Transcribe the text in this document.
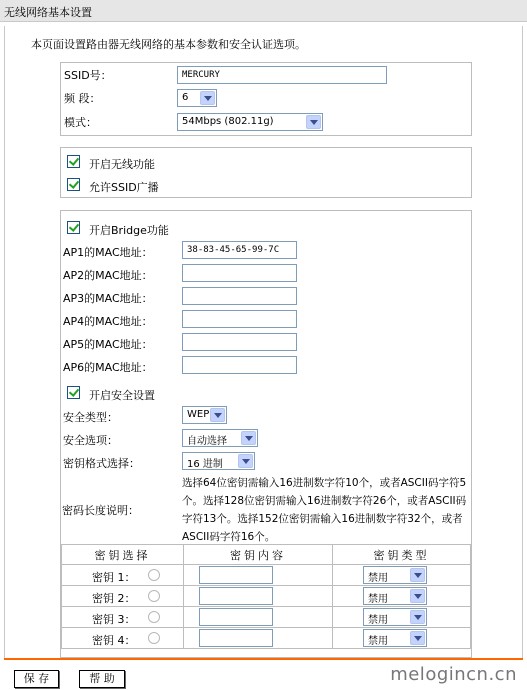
无线网络基本设置
本页面设置路由器无线网络的基本参数和安全认证选项。
SSID号：	MERCURY
频 段：	6
模式：	54Mbps (802.11g)
开启无线功能
允许SSID广播
开启Bridge功能
AP1的MAC地址：	38-83-45-65-99-7C
AP2的MAC地址：
AP3的MAC地址：
AP4的MAC地址：
AP5的MAC地址：
AP6的MAC地址：
开启安全设置
安全类型：	WEP
安全选项：	自动选择
密钥格式选择：	16 进制
密码长度说明：
选择64位密钥需输入16进制数字符10个，或者ASCII码字符5个。选择128位密钥需输入16进制数字符26个，或者ASCII码字符13个。选择152位密钥需输入16进制数字符32个，或者ASCII码字符16个。
密钥选择	密钥内容	密钥类型

密钥 1：		禁用

密钥 2：		禁用

密钥 3：		禁用

密钥 4：		禁用
保 存	帮 助	melogincn.cn
